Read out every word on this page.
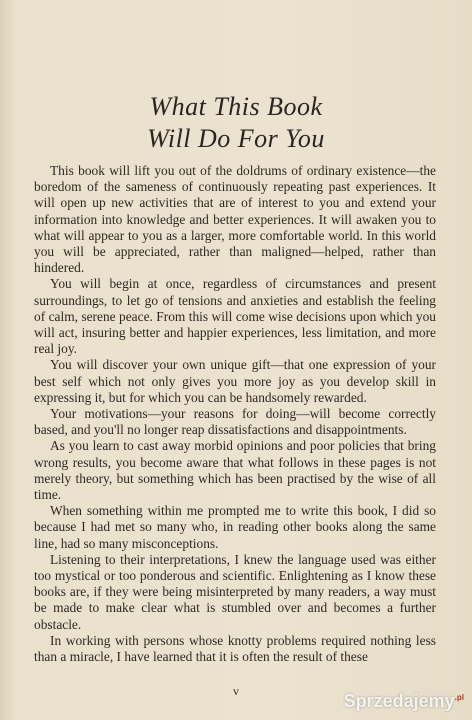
What This Book
Will Do For You

This book will lift you out of the doldrums of ordinary existence—the boredom of the sameness of continuously repeating past experiences. It will open up new activities that are of interest to you and extend your information into knowledge and better experiences. It will awaken you to what will appear to you as a larger, more comfortable world. In this world you will be appreciated, rather than maligned—helped, rather than hindered.

You will begin at once, regardless of circumstances and present surroundings, to let go of tensions and anxieties and establish the feeling of calm, serene peace. From this will come wise decisions upon which you will act, insuring better and happier experiences, less limitation, and more real joy.

You will discover your own unique gift—that one expression of your best self which not only gives you more joy as you develop skill in expressing it, but for which you can be handsomely rewarded.

Your motivations—your reasons for doing—will become correctly based, and you'll no longer reap dissatisfactions and disappointments.

As you learn to cast away morbid opinions and poor policies that bring wrong results, you become aware that what follows in these pages is not merely theory, but something which has been practised by the wise of all time.

When something within me prompted me to write this book, I did so because I had met so many who, in reading other books along the same line, had so many misconceptions.

Listening to their interpretations, I knew the language used was either too mystical or too ponderous and scientific. Enlightening as I know these books are, if they were being misinterpreted by many readers, a way must be made to make clear what is stumbled over and becomes a further obstacle.

In working with persons whose knotty problems required nothing less than a miracle, I have learned that it is often the result of these

v	Sprzedajemy$^{.pl}$
